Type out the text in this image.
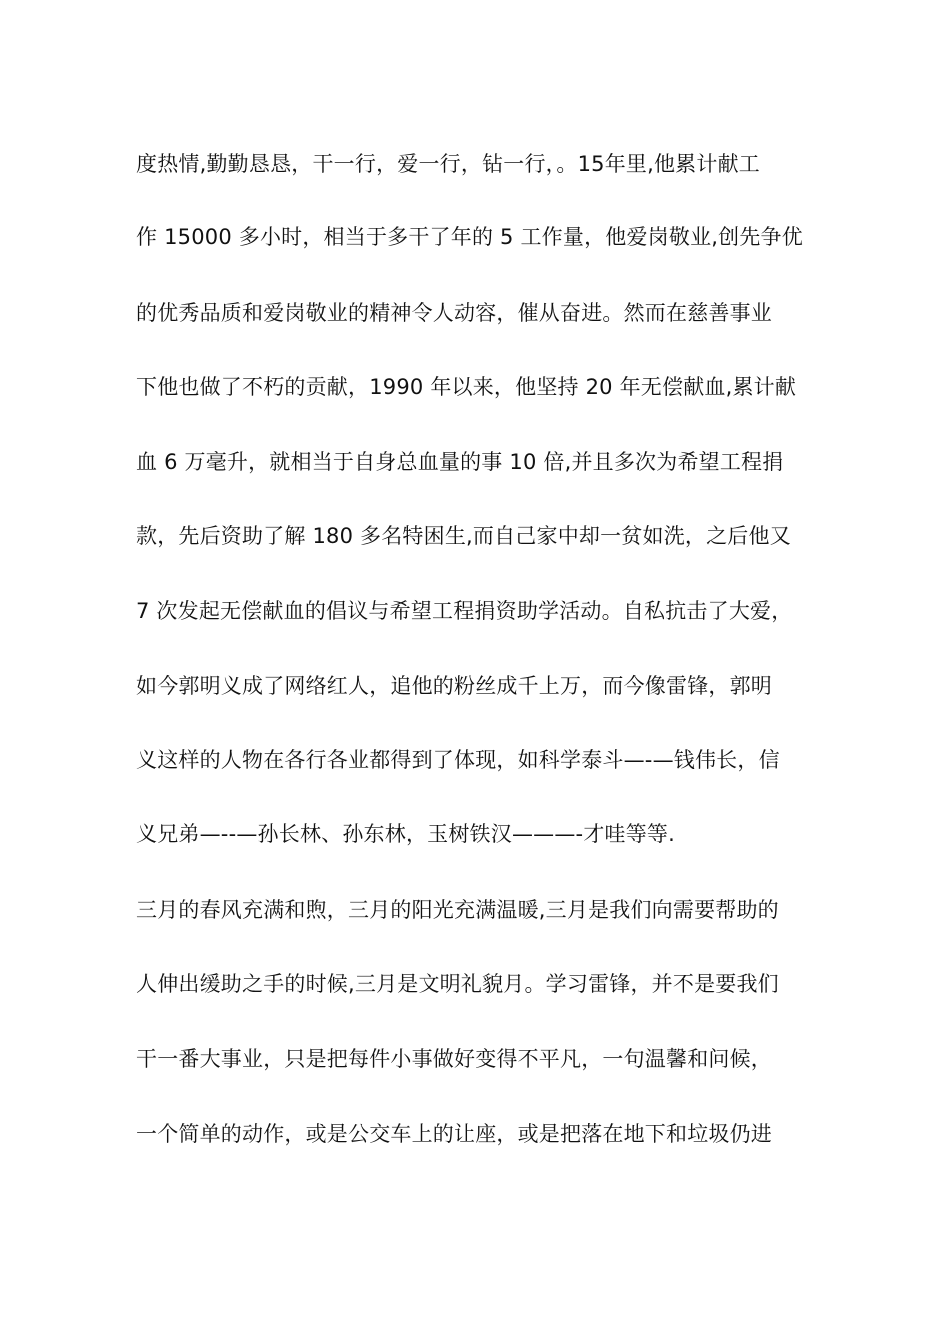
度热情,勤勤恳恳，干一行，爱一行，钻一行，。15年里,他累计献工
作 15000 多小时，相当于多干了年的 5 工作量，他爱岗敬业,创先争优
的优秀品质和爱岗敬业的精神令人动容，催从奋进。然而在慈善事业
下他也做了不朽的贡献，1990 年以来，他坚持 20 年无偿献血,累计献
血 6 万毫升，就相当于自身总血量的事 10 倍,并且多次为希望工程捐
款，先后资助了解 180 多名特困生,而自己家中却一贫如洗，之后他又
7 次发起无偿献血的倡议与希望工程捐资助学活动。自私抗击了大爱，
如今郭明义成了网络红人，追他的粉丝成千上万，而今像雷锋，郭明
义这样的人物在各行各业都得到了体现，如科学泰斗—-—钱伟长，信
义兄弟—--—孙长林、孙东林，玉树铁汉———-才哇等等.
三月的春风充满和煦，三月的阳光充满温暖,三月是我们向需要帮助的
人伸出缓助之手的时候,三月是文明礼貌月。学习雷锋，并不是要我们
干一番大事业，只是把每件小事做好变得不平凡，一句温馨和问候，
一个简单的动作，或是公交车上的让座，或是把落在地下和垃圾仍进
